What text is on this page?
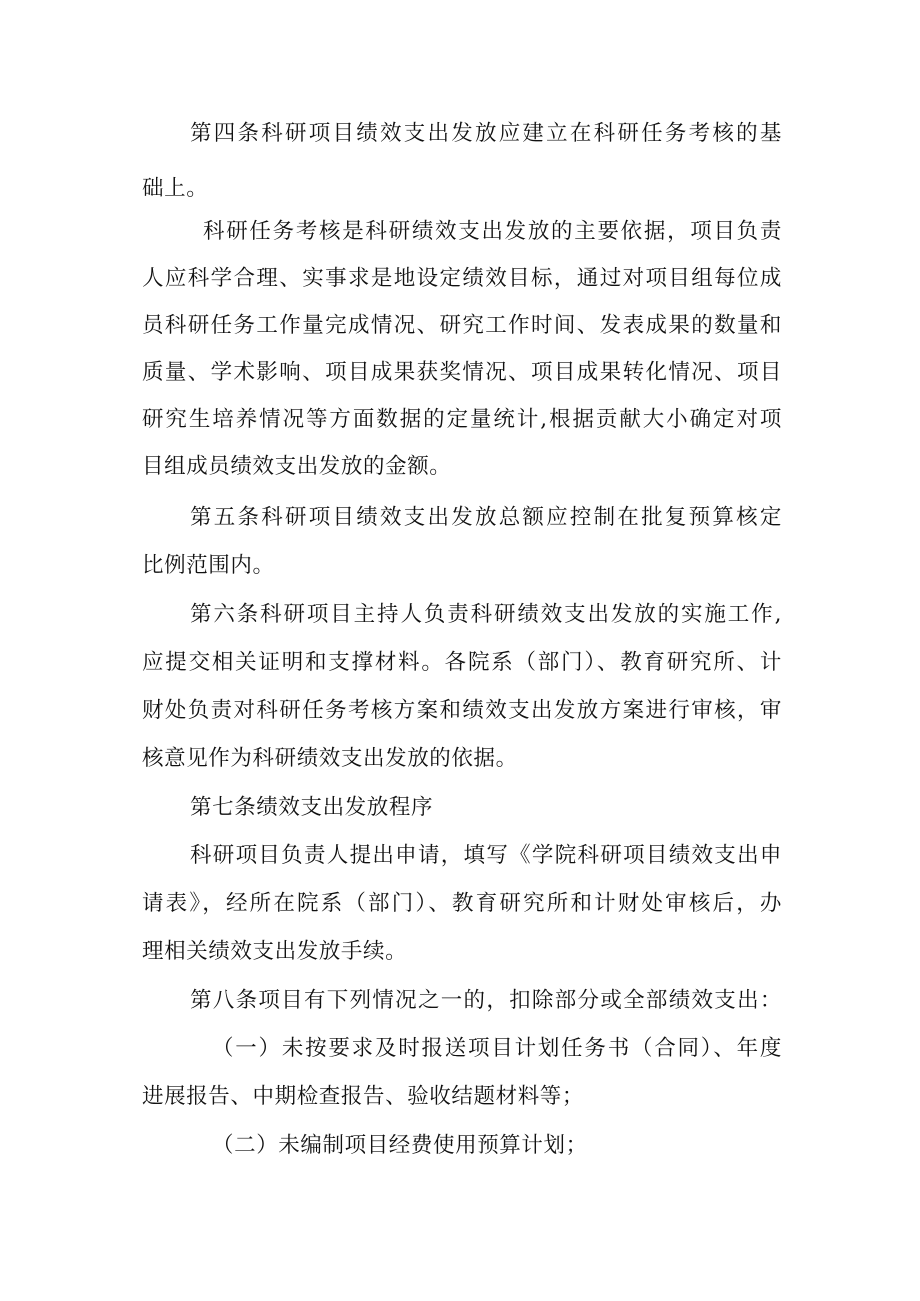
第四条科研项目绩效支出发放应建立在科研任务考核的基
础上。
科研任务考核是科研绩效支出发放的主要依据，项目负责
人应科学合理、实事求是地设定绩效目标，通过对项目组每位成
员科研任务工作量完成情况、研究工作时间、发表成果的数量和
质量、学术影响、项目成果获奖情况、项目成果转化情况、项目
研究生培养情况等方面数据的定量统计,根据贡献大小确定对项
目组成员绩效支出发放的金额。
第五条科研项目绩效支出发放总额应控制在批复预算核定
比例范围内。
第六条科研项目主持人负责科研绩效支出发放的实施工作,
应提交相关证明和支撑材料。各院系（部门）、教育研究所、计
财处负责对科研任务考核方案和绩效支出发放方案进行审核，审
核意见作为科研绩效支出发放的依据。
第七条绩效支出发放程序
科研项目负责人提出申请，填写《学院科研项目绩效支出申
请表》，经所在院系（部门）、教育研究所和计财处审核后，办
理相关绩效支出发放手续。
第八条项目有下列情况之一的，扣除部分或全部绩效支出：
（一）未按要求及时报送项目计划任务书（合同）、年度
进展报告、中期检查报告、验收结题材料等；
（二）未编制项目经费使用预算计划；
